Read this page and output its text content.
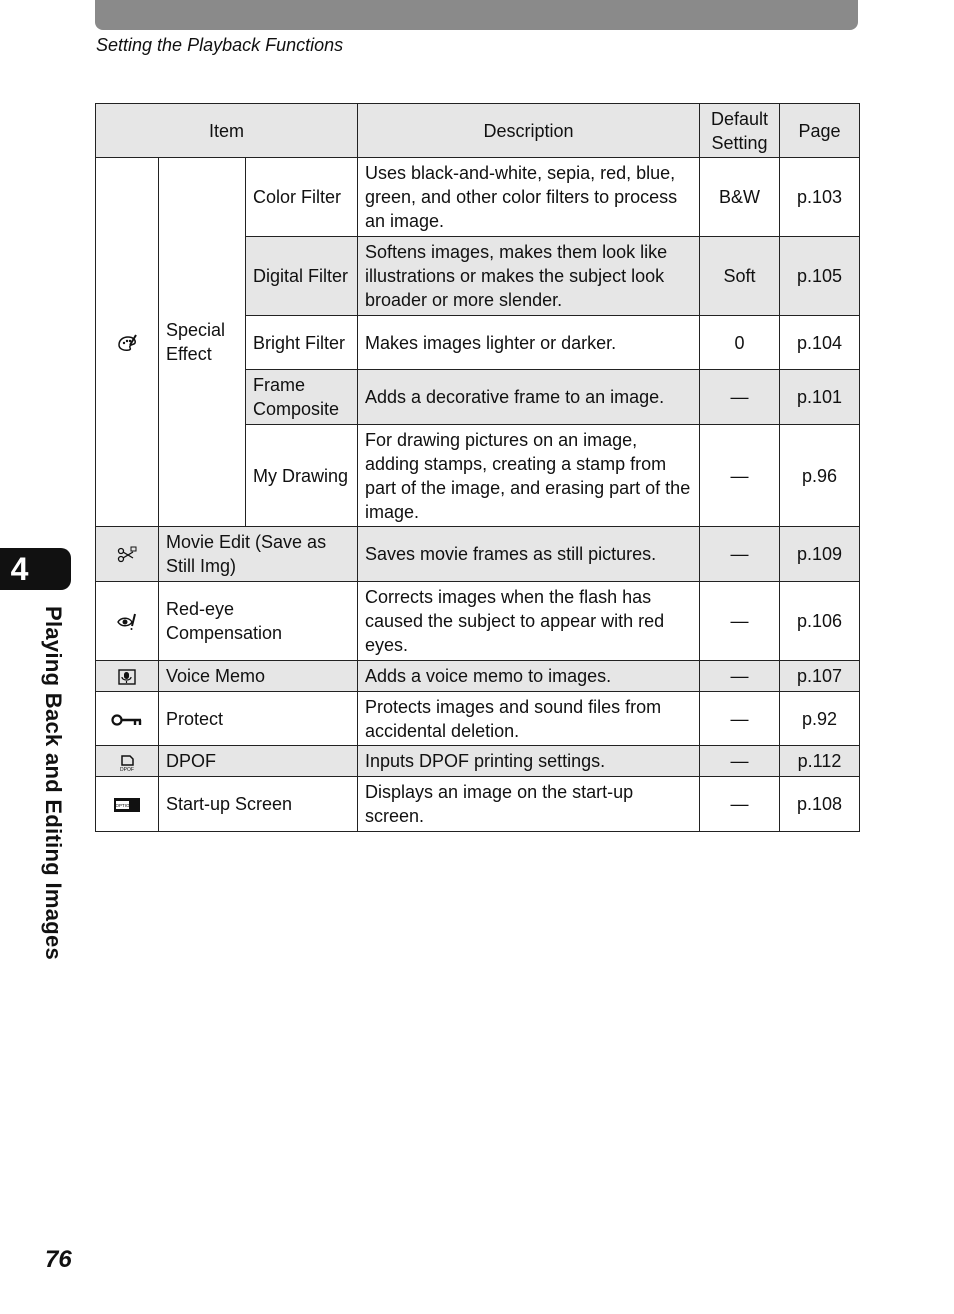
Setting the Playback Functions
4
Playing Back and Editing Images
Item			Description	Default Setting	Page
	Special Effect	Color Filter	Uses black-and-white, sepia, red, blue, green, and other color filters to process an image.	B&W	p.103
		Digital Filter	Softens images, makes them look like illustrations or makes the subject look broader or more slender.	Soft	p.105
		Bright Filter	Makes images lighter or darker.	0	p.104
		Frame Composite	Adds a decorative frame to an image.	—	p.101
		My Drawing	For drawing pictures on an image, adding stamps, creating a stamp from part of the image, and erasing part of the image.	—	p.96
	Movie Edit (Save as Still Img)		Saves movie frames as still pictures.	—	p.109
	Red-eye Compensation		Corrects images when the flash has caused the subject to appear with red eyes.	—	p.106
	Voice Memo		Adds a voice memo to images.	—	p.107
	Protect		Protects images and sound files from accidental deletion.	—	p.92

DPOF	DPOF		Inputs DPOF printing settings.	—	p.112

OPTIO	Start-up Screen		Displays an image on the start-up screen.	—	p.108
76
